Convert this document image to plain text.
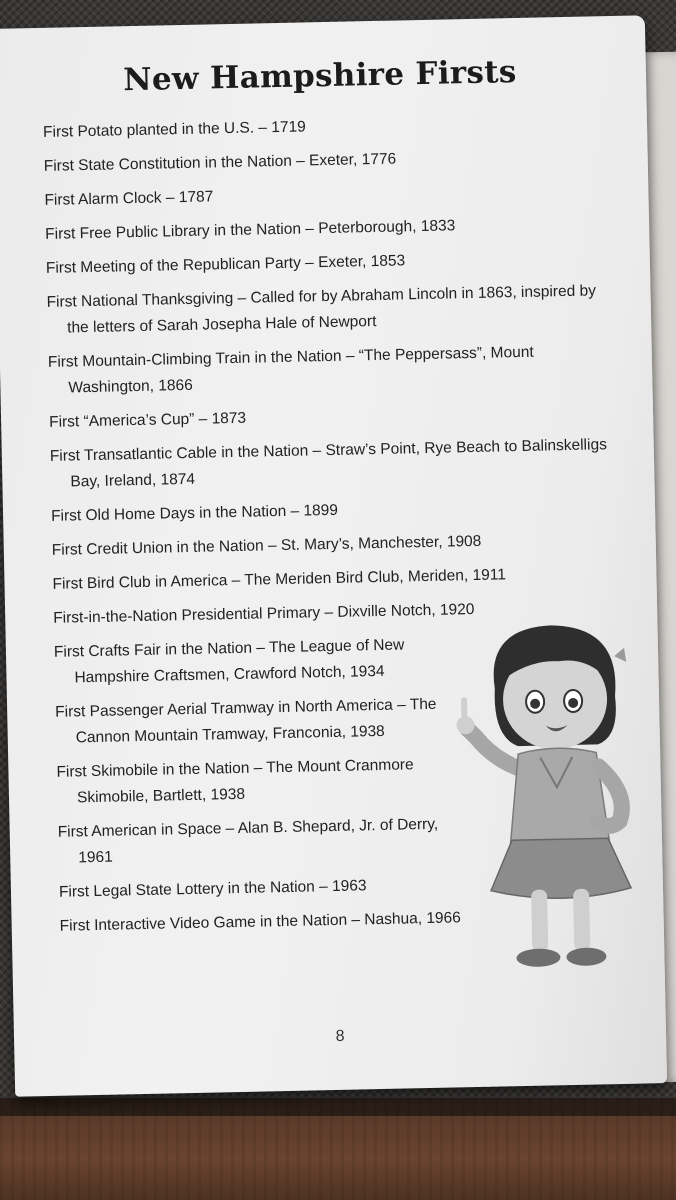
New Hampshire Firsts
First Potato planted in the U.S. – 1719
First State Constitution in the Nation – Exeter, 1776
First Alarm Clock – 1787
First Free Public Library in the Nation – Peterborough, 1833
First Meeting of the Republican Party – Exeter, 1853
First National Thanksgiving – Called for by Abraham Lincoln in 1863, inspired by the letters of Sarah Josepha Hale of Newport
First Mountain-Climbing Train in the Nation – “The Peppersass”, Mount Washington, 1866
First “America’s Cup” – 1873
First Transatlantic Cable in the Nation – Straw’s Point, Rye Beach to Balinskelligs Bay, Ireland, 1874
First Old Home Days in the Nation – 1899
First Credit Union in the Nation – St. Mary’s, Manchester, 1908
First Bird Club in America – The Meriden Bird Club, Meriden, 1911
First-in-the-Nation Presidential Primary – Dixville Notch, 1920
First Crafts Fair in the Nation – The League of New Hampshire Craftsmen, Crawford Notch, 1934
First Passenger Aerial Tramway in North America – The Cannon Mountain Tramway, Franconia, 1938
First Skimobile in the Nation – The Mount Cranmore Skimobile, Bartlett, 1938
First American in Space – Alan B. Shepard, Jr. of Derry, 1961
First Legal State Lottery in the Nation – 1963
First Interactive Video Game in the Nation – Nashua, 1966
8
